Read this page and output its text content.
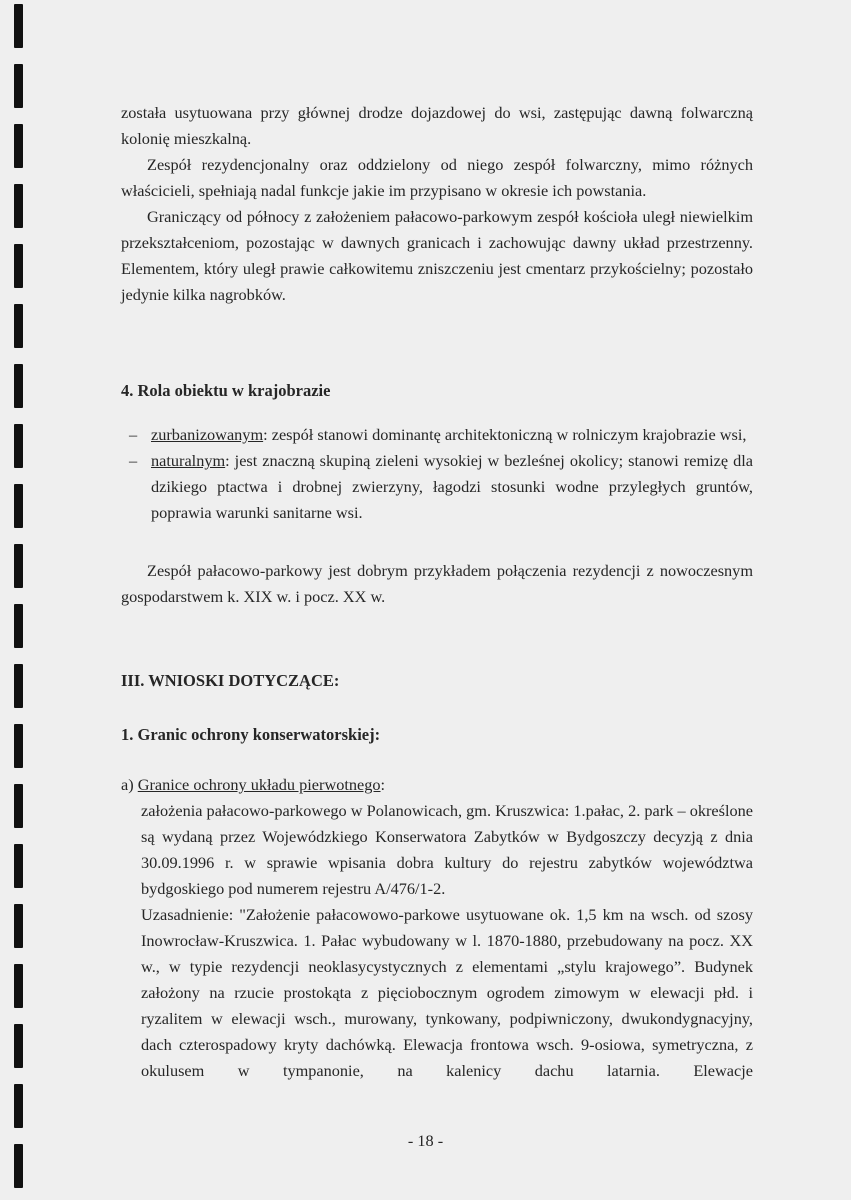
została usytuowana przy głównej drodze dojazdowej do wsi, zastępując dawną folwarczną kolonię mieszkalną.

Zespół rezydencjonalny oraz oddzielony od niego zespół folwarczny, mimo różnych właścicieli, spełniają nadal funkcje jakie im przypisano w okresie ich powstania.

Graniczący od północy z założeniem pałacowo-parkowym zespół kościoła uległ niewielkim przekształceniom, pozostając w dawnych granicach i zachowując dawny układ przestrzenny. Elementem, który uległ prawie całkowitemu zniszczeniu jest cmentarz przykościelny; pozostało jedynie kilka nagrobków.

4. Rola obiektu w krajobrazie
– zurbanizowanym: zespół stanowi dominantę architektoniczną w rolniczym krajobrazie wsi,
– naturalnym: jest znaczną skupiną zieleni wysokiej w bezleśnej okolicy; stanowi remizę dla dzikiego ptactwa i drobnej zwierzyny, łagodzi stosunki wodne przyległych gruntów, poprawia warunki sanitarne wsi.

Zespół pałacowo-parkowy jest dobrym przykładem połączenia rezydencji z nowoczesnym gospodarstwem k. XIX w. i pocz. XX w.

III. WNIOSKI DOTYCZĄCE:
1. Granic ochrony konserwatorskiej:

a) Granice ochrony układu pierwotnego:

założenia pałacowo-parkowego w Polanowicach, gm. Kruszwica: 1.pałac, 2. park – określone są wydaną przez Wojewódzkiego Konserwatora Zabytków w Bydgoszczy decyzją z dnia 30.09.1996 r. w sprawie wpisania dobra kultury do rejestru zabytków województwa bydgoskiego pod numerem rejestru A/476/1-2.

Uzasadnienie: "Założenie pałacowowo-parkowe usytuowane ok. 1,5 km na wsch. od szosy Inowrocław-Kruszwica. 1. Pałac wybudowany w l. 1870-1880, przebudowany na pocz. XX w., w typie rezydencji neoklasycystycznych z elementami „stylu krajowego”. Budynek założony na rzucie prostokąta z pięciobocznym ogrodem zimowym w elewacji płd. i ryzalitem w elewacji wsch., murowany, tynkowany, podpiwniczony, dwukondygnacyjny, dach czterospadowy kryty dachówką. Elewacja frontowa wsch. 9-osiowa, symetryczna, z okulusem w tympanonie, na kalenicy dachu latarnia. Elewacje

- 18 -
